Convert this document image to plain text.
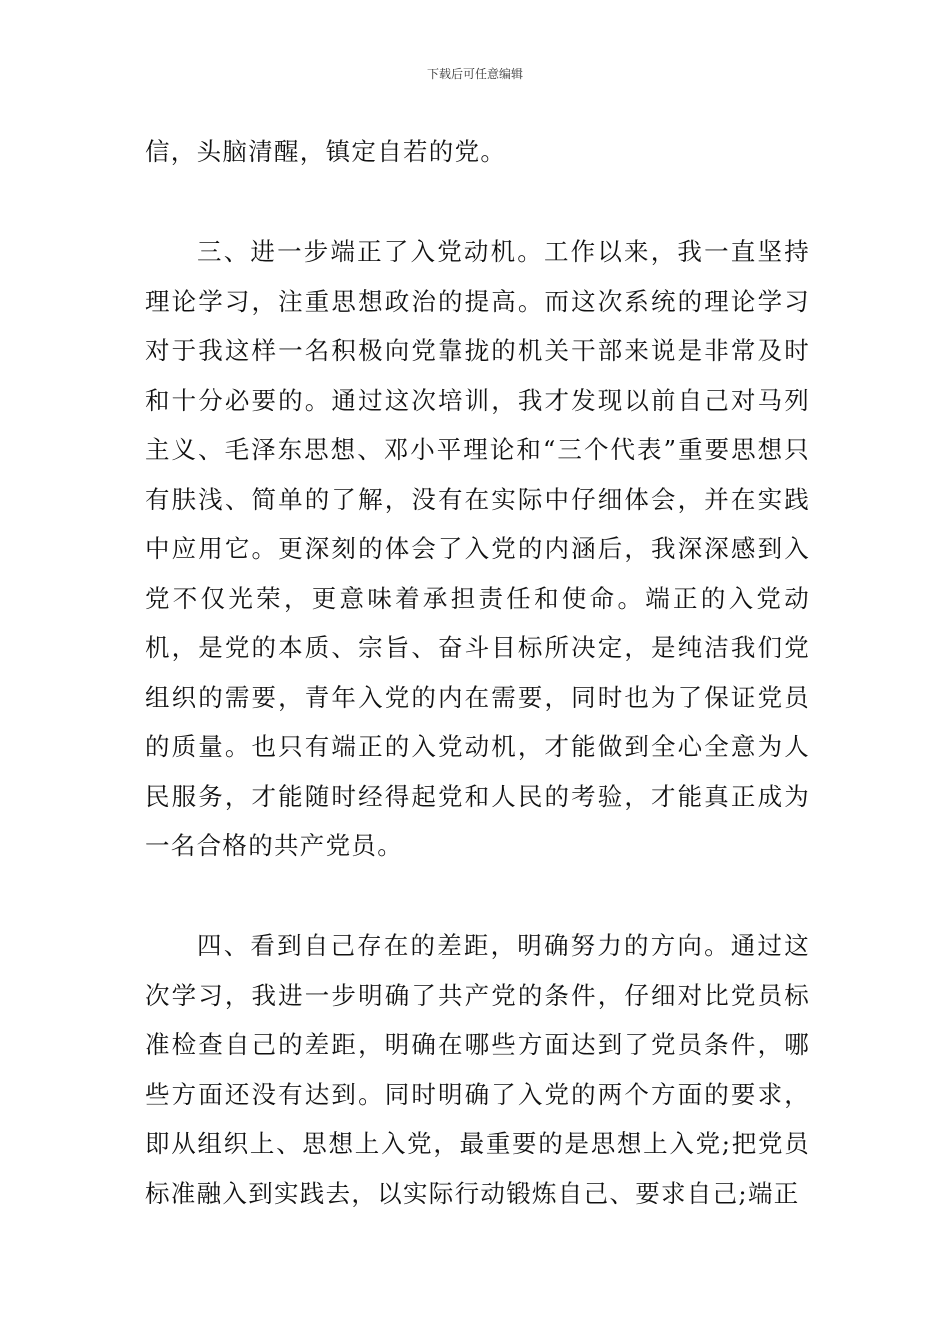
下载后可任意编辑

信，头脑清醒，镇定自若的党。

三、进一步端正了入党动机。工作以来，我一直坚持理论学习，注重思想政治的提高。而这次系统的理论学习对于我这样一名积极向党靠拢的机关干部来说是非常及时和十分必要的。通过这次培训，我才发现以前自己对马列主义、毛泽东思想、邓小平理论和“三个代表”重要思想只有肤浅、简单的了解，没有在实际中仔细体会，并在实践中应用它。更深刻的体会了入党的内涵后，我深深感到入党不仅光荣，更意味着承担责任和使命。端正的入党动机，是党的本质、宗旨、奋斗目标所决定，是纯洁我们党组织的需要，青年入党的内在需要，同时也为了保证党员的质量。也只有端正的入党动机，才能做到全心全意为人民服务，才能随时经得起党和人民的考验，才能真正成为一名合格的共产党员。

四、看到自己存在的差距，明确努力的方向。通过这次学习，我进一步明确了共产党的条件，仔细对比党员标准检查自己的差距，明确在哪些方面达到了党员条件，哪些方面还没有达到。同时明确了入党的两个方面的要求，即从组织上、思想上入党，最重要的是思想上入党;把党员标准融入到实践去，以实际行动锻炼自己、要求自己;端正
